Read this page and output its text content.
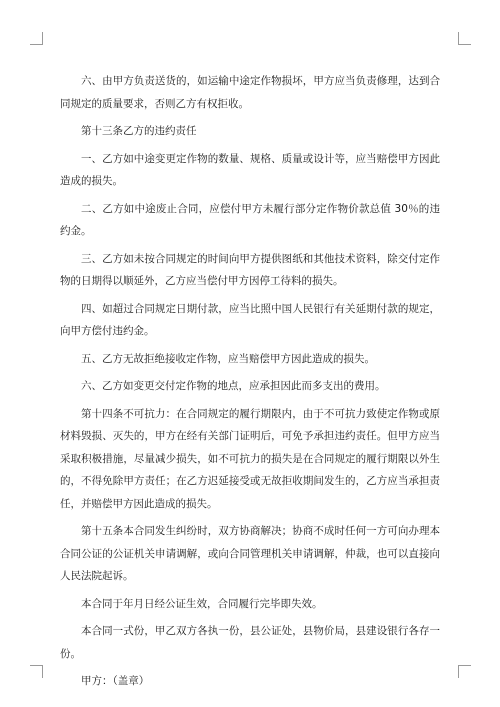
六、由甲方负责送货的，如运输中途定作物损坏，甲方应当负责修理，达到合同规定的质量要求，否则乙方有权拒收。

第十三条乙方的违约责任

一、乙方如中途变更定作物的数量、规格、质量或设计等，应当赔偿甲方因此造成的损失。

二、乙方如中途废止合同，应偿付甲方未履行部分定作物价款总值 30％的违约金。

三、乙方如未按合同规定的时间向甲方提供图纸和其他技术资料，除交付定作物的日期得以顺延外，乙方应当偿付甲方因停工待料的损失。

四、如超过合同规定日期付款，应当比照中国人民银行有关延期付款的规定，向甲方偿付违约金。

五、乙方无故拒绝接收定作物，应当赔偿甲方因此造成的损失。

六、乙方如变更交付定作物的地点，应承担因此而多支出的费用。

第十四条不可抗力：在合同规定的履行期限内，由于不可抗力致使定作物或原材料毁损、灭失的，甲方在经有关部门证明后，可免予承担违约责任。但甲方应当采取积极措施，尽量减少损失，如不可抗力的损失是在合同规定的履行期限以外生的，不得免除甲方责任；在乙方迟延接受或无故拒收期间发生的，乙方应当承担责任，并赔偿甲方因此造成的损失。

第十五条本合同发生纠纷时，双方协商解决；协商不成时任何一方可向办理本合同公证的公证机关申请调解，或向合同管理机关申请调解，仲裁，也可以直接向人民法院起诉。

本合同于年月日经公证生效，合同履行完毕即失效。

本合同一式份，甲乙双方各执一份，县公证处，县物价局，县建设银行各存一份。

甲方：（盖章）
